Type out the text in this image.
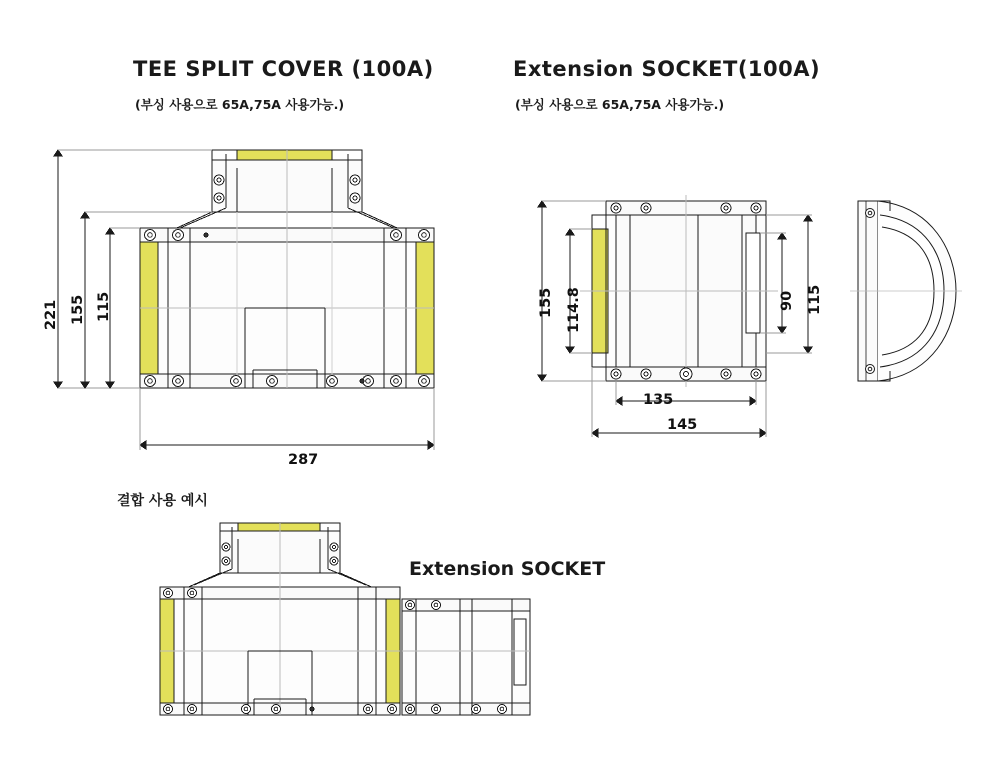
TEE SPLIT COVER (100A)
(부싱 사용으로 65A,75A 사용가능.)
Extension SOCKET(100A)
(부싱 사용으로 65A,75A 사용가능.)
결합 사용 예시
Extension SOCKET
221 155 115
287
155 114.8	90 115
135
145
